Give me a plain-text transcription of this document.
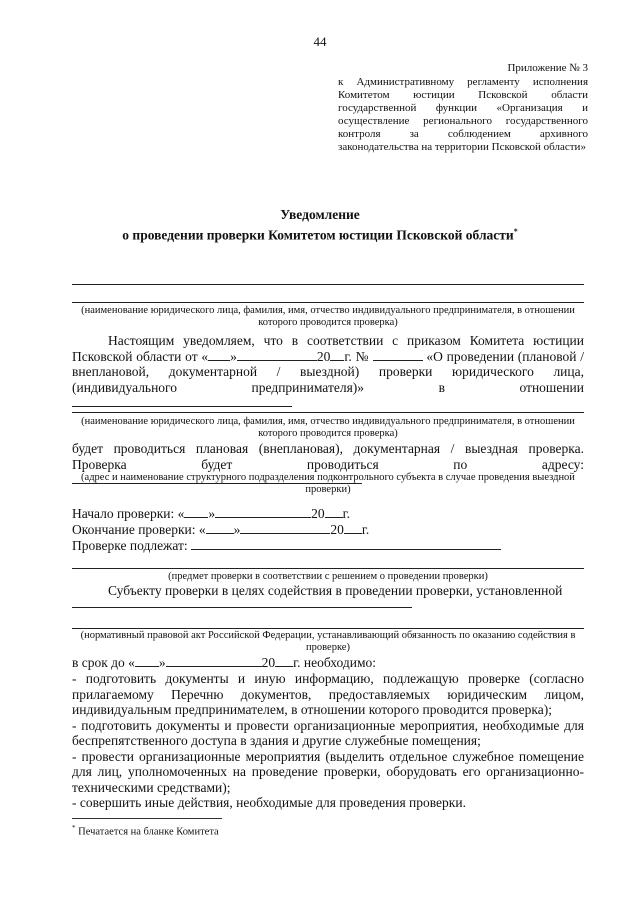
44
Приложение № 3
к Административному регламенту исполнения Комитетом юстиции Псковской области государственной функции «Организация и осуществление регионального государственного контроля за соблюдением архивного законодательства на территории Псковской области»
Уведомление
о проведении проверки Комитетом юстиции Псковской области*
(наименование юридического лица, фамилия, имя, отчество индивидуального предпринимателя, в отношении которого проводится проверка)
Настоящим уведомляем, что в соответствии с приказом Комитета юстиции Псковской области от « »	20 г. №	«О проведении (плановой / внеплановой, документарной / выездной) проверки юридического лица, (индивидуального предпринимателя)» в отношении
(наименование юридического лица, фамилия, имя, отчество индивидуального предпринимателя, в отношении которого проводится проверка)
будет проводиться плановая (внеплановая), документарная / выездная проверка. Проверка будет проводиться по адресу:
(адрес и наименование структурного подразделения подконтрольного субъекта в случае проведения выездной проверки)
Начало проверки: « »	20 г.
Окончание проверки: « »	20 г.
Проверке подлежат:
(предмет проверки в соответствии с решением о проведении проверки)
Субъекту проверки в целях содействия в проведении проверки, установленной
(нормативный правовой акт Российской Федерации, устанавливающий обязанность по оказанию содействия в проверке)
в срок до « »	20 г. необходимо:
- подготовить документы и иную информацию, подлежащую проверке (согласно прилагаемому Перечню документов, предоставляемых юридическим лицом, индивидуальным предпринимателем, в отношении которого проводится проверка);
- подготовить документы и провести организационные мероприятия, необходимые для беспрепятственного доступа в здания и другие служебные помещения;
- провести организационные мероприятия (выделить отдельное служебное помещение для лиц, уполномоченных на проведение проверки, оборудовать его организационно-техническими средствами);
- совершить иные действия, необходимые для проведения проверки.
* Печатается на бланке Комитета
